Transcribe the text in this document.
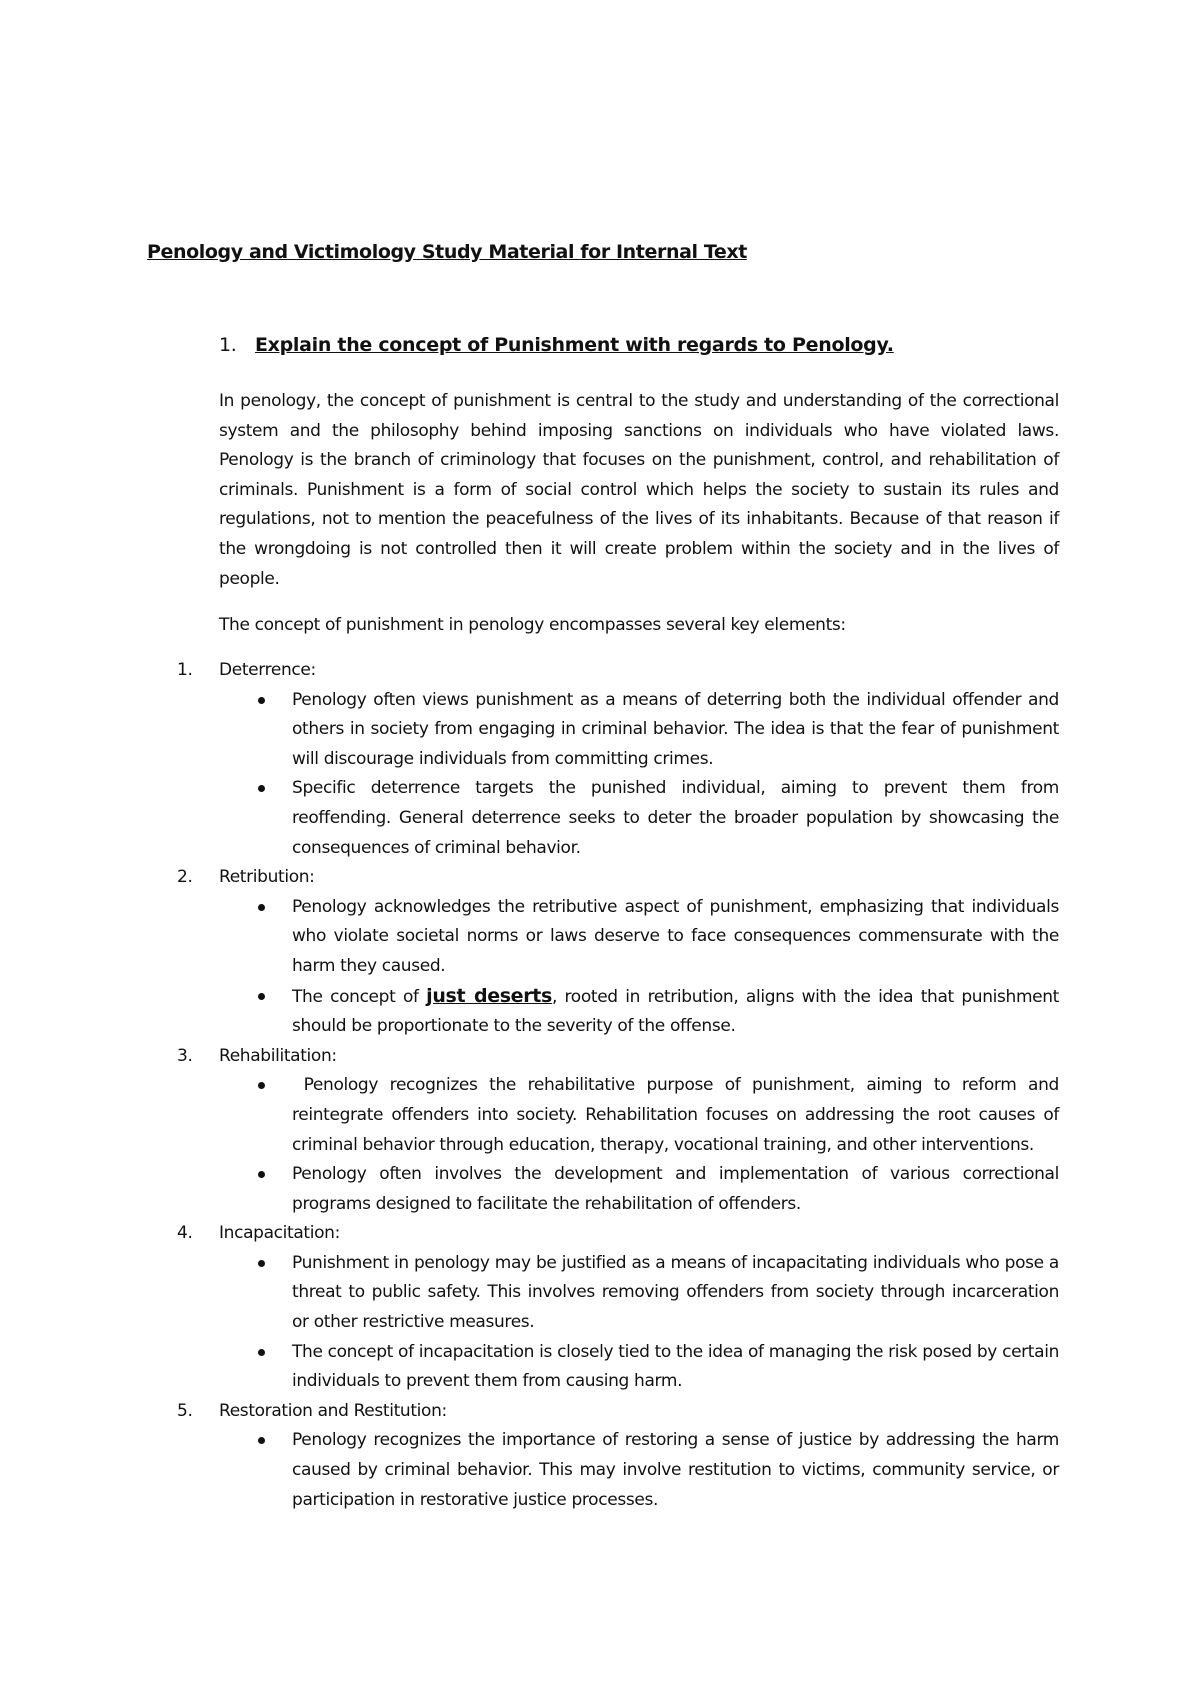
Penology and Victimology Study Material for Internal Text
1. Explain the concept of Punishment with regards to Penology.

In penology, the concept of punishment is central to the study and understanding of the correctional system and the philosophy behind imposing sanctions on individuals who have violated laws. Penology is the branch of criminology that focuses on the punishment, control, and rehabilitation of criminals. Punishment is a form of social control which helps the society to sustain its rules and regulations, not to mention the peacefulness of the lives of its inhabitants. Because of that reason if the wrongdoing is not controlled then it will create problem within the society and in the lives of people.

The concept of punishment in penology encompasses several key elements:

1. Deterrence:
Penology often views punishment as a means of deterring both the individual offender and others in society from engaging in criminal behavior. The idea is that the fear of punishment will discourage individuals from committing crimes.
Specific deterrence targets the punished individual, aiming to prevent them from reoffending. General deterrence seeks to deter the broader population by showcasing the consequences of criminal behavior.
2. Retribution:
Penology acknowledges the retributive aspect of punishment, emphasizing that individuals who violate societal norms or laws deserve to face consequences commensurate with the harm they caused.
The concept of just deserts, rooted in retribution, aligns with the idea that punishment should be proportionate to the severity of the offense.
3. Rehabilitation:
Penology recognizes the rehabilitative purpose of punishment, aiming to reform and reintegrate offenders into society. Rehabilitation focuses on addressing the root causes of criminal behavior through education, therapy, vocational training, and other interventions.
Penology often involves the development and implementation of various correctional programs designed to facilitate the rehabilitation of offenders.
4. Incapacitation:
Punishment in penology may be justified as a means of incapacitating individuals who pose a threat to public safety. This involves removing offenders from society through incarceration or other restrictive measures.
The concept of incapacitation is closely tied to the idea of managing the risk posed by certain individuals to prevent them from causing harm.
5. Restoration and Restitution:
Penology recognizes the importance of restoring a sense of justice by addressing the harm caused by criminal behavior. This may involve restitution to victims, community service, or participation in restorative justice processes.
